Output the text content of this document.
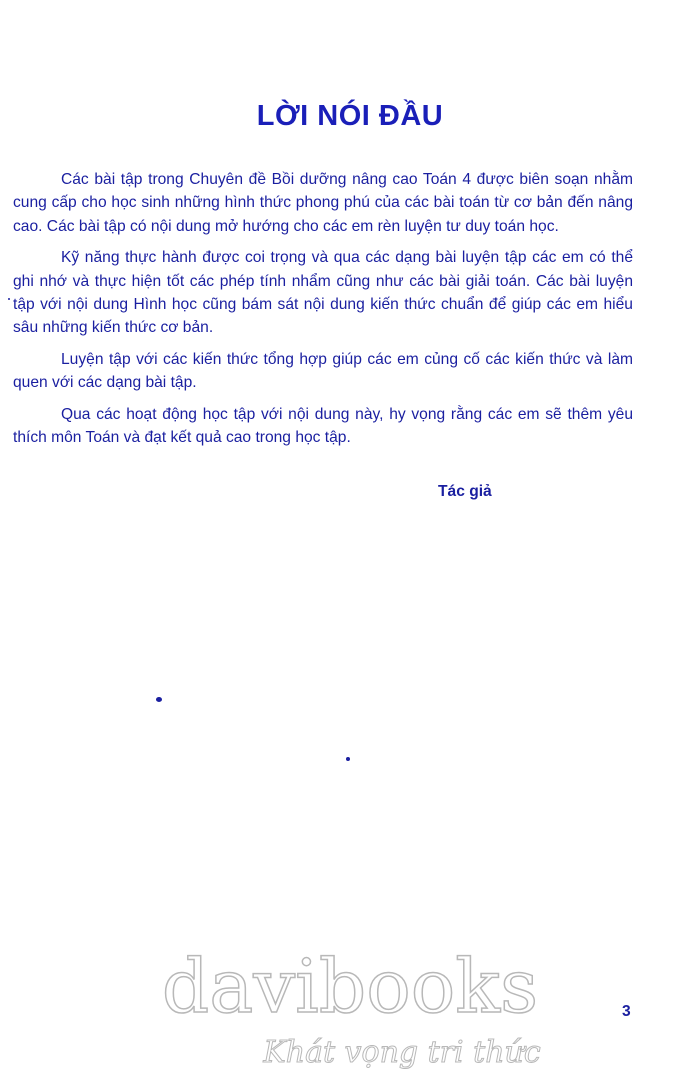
LỜI NÓI ĐẦU

Các bài tập trong Chuyên đề Bồi dưỡng nâng cao Toán 4 được biên soạn nhằm cung cấp cho học sinh những hình thức phong phú của các bài toán từ cơ bản đến nâng cao. Các bài tập có nội dung mở hướng cho các em rèn luyện tư duy toán học.

Kỹ năng thực hành được coi trọng và qua các dạng bài luyện tập các em có thể ghi nhớ và thực hiện tốt các phép tính nhẩm cũng như các bài giải toán. Các bài luyện tập với nội dung Hình học cũng bám sát nội dung kiến thức chuẩn để giúp các em hiểu sâu những kiến thức cơ bản.

Luyện tập với các kiến thức tổng hợp giúp các em củng cố các kiến thức và làm quen với các dạng bài tập.

Qua các hoạt động học tập với nội dung này, hy vọng rằng các em sẽ thêm yêu thích môn Toán và đạt kết quả cao trong học tập.

Tác giả
davibooks
Khát vọng tri thức
3
